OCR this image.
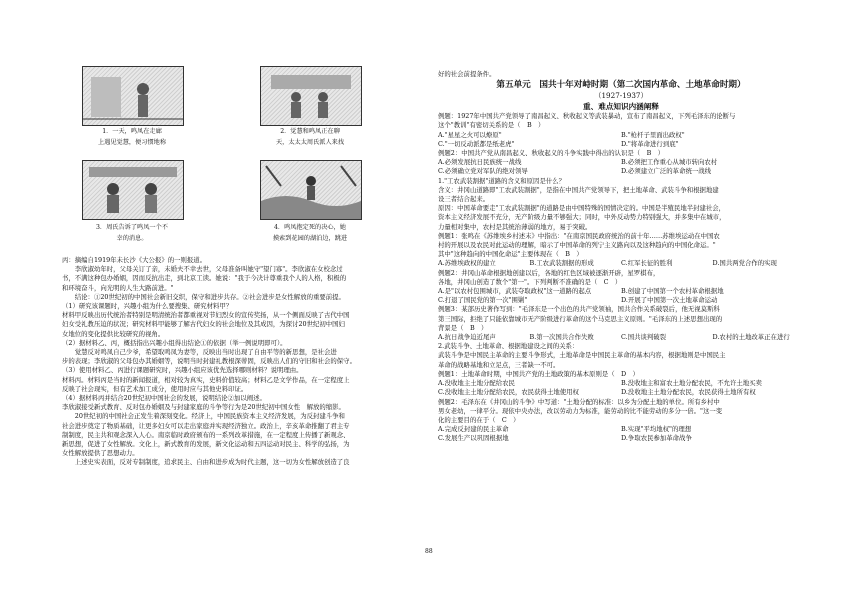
1．一天，鸣凤在走廊
上遇见觉慧，便习惯地称
2．觉慧和鸣凤正在聊
天，太太太周氏派人来找
3．周氏告诉了鸣凤一个不
幸的消息。
4．鸣凤抱定死的决心，她
摸索到花园的湖泊边，跳进

丙：摘编自1919年未长沙《大公报》的一则报道。

　　李欣淑幼年时，父母关订了亲，未婚夫不幸去世，父母准备叫她守"望门寡"。李欣淑在女校念过

书，不满这种包办婚姻，因而反抗出走，到北京工读。她说："我于今决计尊重我个人的人格，积极的

和环境奋斗，向光明的人生大路前进。"

　　结论：①20世纪初的中国社会新旧交织，保守和进步共存。②社会进步是女性解放的重要前提。

（1）研究该课题时，兴趣小组为什么要搜集、研究材料甲？

材料甲反映出历代统治者特别是明清统治者都重视对节妇烈女的宣传奖扬，从一个侧面反映了古代中国

妇女受礼教压迫的状况；研究材料甲能够了解古代妇女的社会地位及其成因，为探讨20世纪初中国妇

女地位的变化提供比较研究的视角。

（2）据材料乙、丙，概括指出兴趣小组得出结论①的依据（举一例说明即可）。

　　觉慧反对鸣凤自己少爷，希望取鸣凤为妻等，反映出当时出现了自由平等的新思想，是社会进

步的表现；李欣淑的父母包办其婚姻等，说明当时封建礼教根深蒂固，反映出人们的守旧和社会的保守。

（3）使用材料乙、丙进行课题研究时，兴趣小组应该优先选择哪则材料？说明理由。

材料丙。材料丙是当时的新闻报道，相对较为真实，史料价值较高；材料乙是文学作品，在一定程度上

反映了社会现实，但有艺术加工成分，使用时应与其他史料印证。

（4）据材料丙并结合20世纪初中国社会的发展，说明结论②加以阐述。

李欣淑接受新式教育、反对包办婚姻及与封建家庭的斗争等行为是20世纪初中国女性　解放的缩影。

　　20世纪初的中国社会正发生着深刻变化。经济上，中国民族资本主义经济发展，为反封建斗争和

社会进步奠定了物质基础，让更多妇女可以走出家庭并实现经济独立。政治上，辛亥革命推翻了君主专

制制度，民主共和观念深入人心。南京临时政府颁布的一系列改革措施，在一定程度上传播了新观念、

新思想，促进了女性解放。文化上，新式教育的发展，新文化运动和五四运动对民主、科学的弘扬，为

女性解放提供了思想动力。

　　上述史实表面，反对专制制度，追求民主、自由和进步成为时代主题，这一切为女性解放创造了良

好的社会前提条件。

第五单元　国共十年对峙时期（第二次国内革命、土地革命时期）

（1927-1937）

重、难点知识内涵阐释

例题：1927年中国共产党领导了南昌起义、秋收起义等武装暴动，宣布了南昌起义，下列毛泽东的论断与

这个"教训"有密切关系的是（　B　）

A."星星之火可以燎原"	B."枪杆子里面出政权"
C."一切反动派都是纸老虎"	D."将革命进行到底"

例题2：中国共产党从南昌起义、秋收起义的斗争实践中得出的认识是（　B　）

A.必须发展抗日民族统一战线	B.必须把工作重心从城市转向农村
C.必须确立党对军队的绝对领导	D.必须建立广泛的革命统一战线

1."工农武装割据"道路的含义和原因是什么？

含义：井冈山道路即"工农武装割据"，是指在中国共产党领导下，把土地革命、武装斗争和根据地建

设三者结合起来。

原因：中国革命要走"工农武装割据"的道路是由中国特殊的国情决定的。中国是半殖民地半封建社会，

资本主义经济发展不充分，无产阶级力量不够强大；同时，中外反动势力特别强大，并多集中在城市，

力量相对集中，农村是其统治薄弱的地方，易于突破。

例题1：张鸣在《苏维埃乡村述末》中指出："在南京国民政府统治的前十年……苏维埃运动在中国农

村的开展以及农民对此运动的理解，暗示了中国革命的列宁主义路向以及这种趋向的中国化命运。"

其中"这种趋向的中国化命运"主要体现在（　B　）

A.苏维埃政权的建立	B.工农武装割据的形成	C.红军长征的胜利	D.国共两党合作的实现

例题2：井冈山革命根据地创建以后，各地的红色区域被逐渐开辟，星罗棋布，

各地，井冈山创造了数个"第一"。下列判断不准确的是（　C　）

A.是"以农村包围城市，武装夺取政权"这一道路的起点	B.创建了中国第一个农村革命根据地
C.打退了国民党的第一次"围剿"	D.开展了中国第一次土地革命运动

例题3：某部历史著作写到："毛泽东是一个出色的共产党领袖，国共合作关系破裂后，他无视莫斯科

第三国际，拒绝了只能依靠城市无产阶级进行革命的这个马克思主义原则。"毛泽东的上述思想出现的

背景是（　B　）

A.抗日战争迫近尾声	B.第一次国共合作失败	C.国共谈判破裂	D.农村的土地改革正在进行

2.武装斗争、土地革命、根据地建设之间的关系：

武装斗争是中国民主革命的主要斗争形式，土地革命是中国民主革命的基本内容，根据地则是中国民主

革命的战略基地和立足点，三者缺一不可。

例题1：土地革命时期，中国共产党的土地政策的基本原则是（　D　）

A.没收地主土地分配给农民	B.没收地主和富农土地分配农民，不允许土地买卖
C.没收地主土地分配给农民，农民获得土地使用权	D.没收地主土地分配农民，农民获得土地所有权

例题2：毛泽东在《井冈山的斗争》中写道："土地分配的标准：以乡为分配土地的单位。所有乡村中

男女老幼，一律平分。现依中央办法，改以劳动力为标准，能劳动的比不能劳动的多分一倍。"这一变

化的主要目的在于（　C　）

A.完成反封建的民主革命	B.实现"平均地权"的理想
C.发展生产以巩固根据地	D.争取农民参加革命战争
88
